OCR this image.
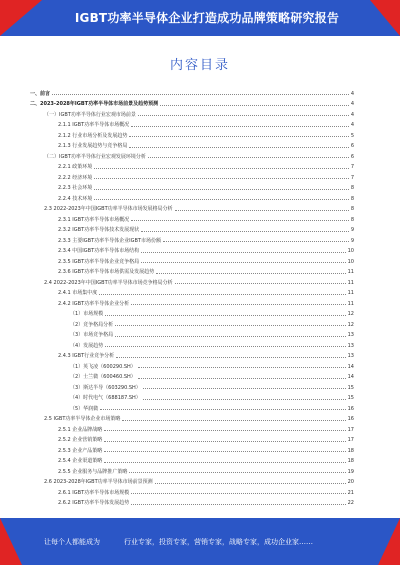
IGBT功率半导体企业打造成功品牌策略研究报告
内容目录
一、前言	4
二、2023-2028年IGBT功率半导体市场前景及趋势预测	4
（一）IGBT功率半导体行业宏观市场前景	4
2.1.1 IGBT功率半导体市场概况	4
2.1.2 行业市场分析及发展趋势	5
2.1.3 行业发展趋势与竞争格局	6
（二）IGBT功率半导体行业宏观发展环境分析	6
2.2.1 政策环境	7
2.2.2 经济环境	7
2.2.3 社会环境	8
2.2.4 技术环境	8
2.3 2022-2023年中国IGBT功率半导体市场发展格局分析	8
2.3.1 IGBT功率半导体市场概况	8
2.3.2 IGBT功率半导体技术发展现状	9
2.3.3 主要IGBT功率半导体企业IGBT市场份额	9
2.3.4 中国IGBT功率半导体市场结构	10
2.3.5 IGBT功率半导体企业竞争格局	10
2.3.6 IGBT功率半导体市场供需及发展趋势	11
2.4 2022-2023年中国IGBT功率半导体市场竞争格局分析	11
2.4.1 市场集中度	11
2.4.2 IGBT功率半导体企业分析	11
（1）市场规模	12
（2）竞争格局分析	12
（3）市场竞争格局	13
（4）发展趋势	13
2.4.3 IGBT行业竞争分析	13
（1）英飞凌（600290.SH）	14
（2）士兰微（600460.SH）	14
（3）斯达半导（603290.SH）	15
（4）时代电气（688187.SH）	15
（5）华润微	16
2.5 IGBT功率半导体企业市场策略	16
2.5.1 企业品牌战略	17
2.5.2 企业营销策略	17
2.5.3 企业产品策略	18
2.5.4 企业渠道策略	18
2.5.5 企业服务与品牌推广策略	19
2.6 2023-2028年IGBT功率半导体市场前景预测	20
2.6.1 IGBT功率半导体市场规模	21
2.6.2 IGBT功率半导体发展趋势	22
让每个人都能成为	行业专家，投资专家，营销专家，战略专家，成功企业家……
